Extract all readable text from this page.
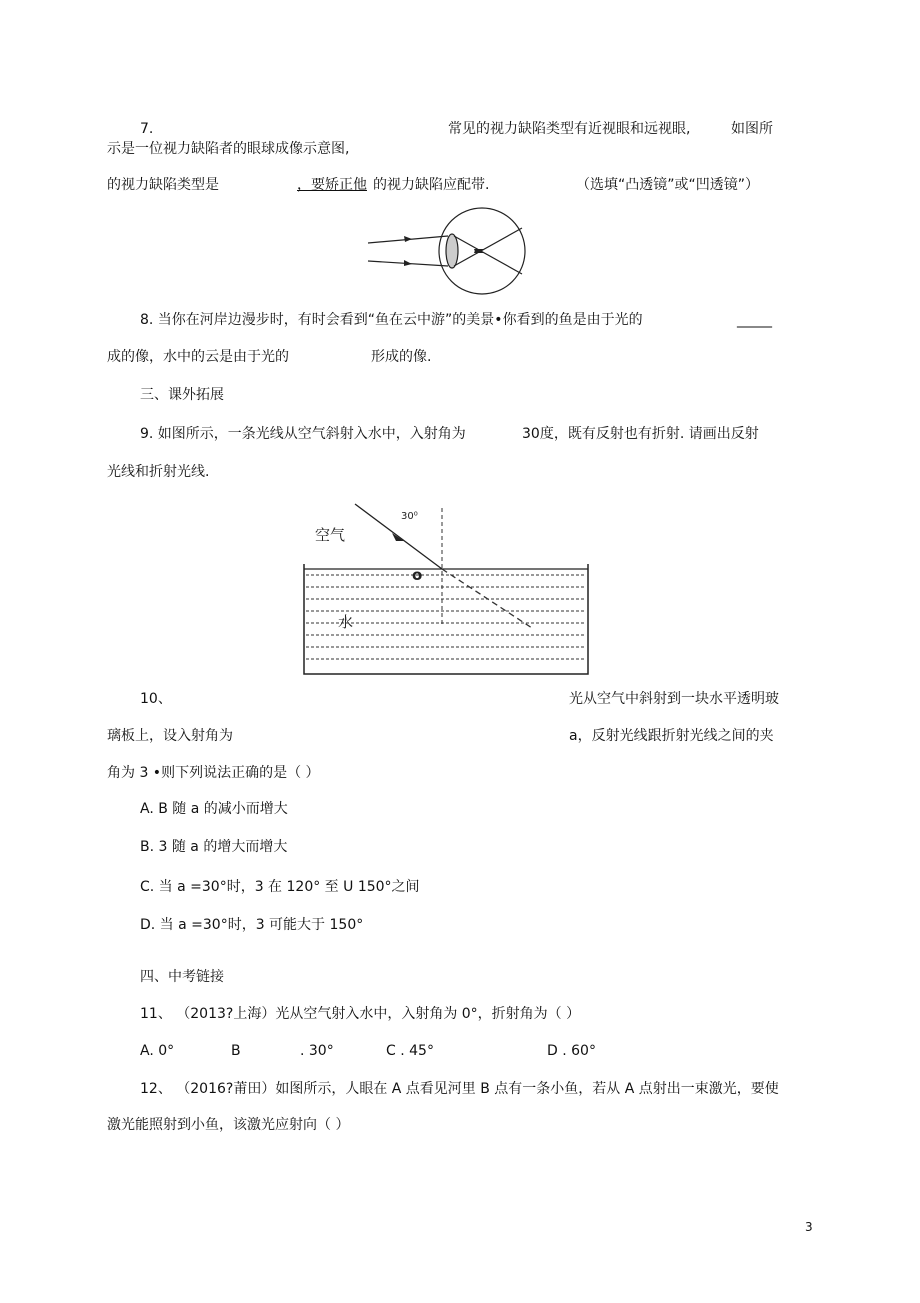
7.	常见的视力缺陷类型有近视眼和远视眼,	如图所
示是一位视力缺陷者的眼球成像示意图,
的视力缺陷类型是	，要矫正他 的视力缺陷应配带.	（选填“凸透镜”或“凹透镜”）
8. 当你在河岸边漫步时，有时会看到“鱼在云中游”的美景•你看到的鱼是由于光的	_____
成的像，水中的云是由于光的	形成的像.
三、课外拓展
9. 如图所示，一条光线从空气斜射入水中，入射角为	30度，既有反射也有折射. 请画出反射
光线和折射光线.
30⁰
空气
o
水
10、	光从空气中斜射到一块水平透明玻
璃板上，设入射角为	a，反射光线跟折射光线之间的夹
角为 3 •则下列说法正确的是（ ）
A. B 随 a 的减小而增大
B. 3 随 a 的增大而增大
C. 当 a =30°时，3 在 120° 至 U 150°之间
D. 当 a =30°时，3 可能大于 150°
四、中考链接
11、 （2013?上海）光从空气射入水中，入射角为 0°，折射角为（ ）
A. 0°	B	. 30°	C . 45°	D . 60°
12、 （2016?莆田）如图所示，人眼在 A 点看见河里 B 点有一条小鱼，若从 A 点射出一束激光，要使
激光能照射到小鱼，该激光应射向（ ）
3
